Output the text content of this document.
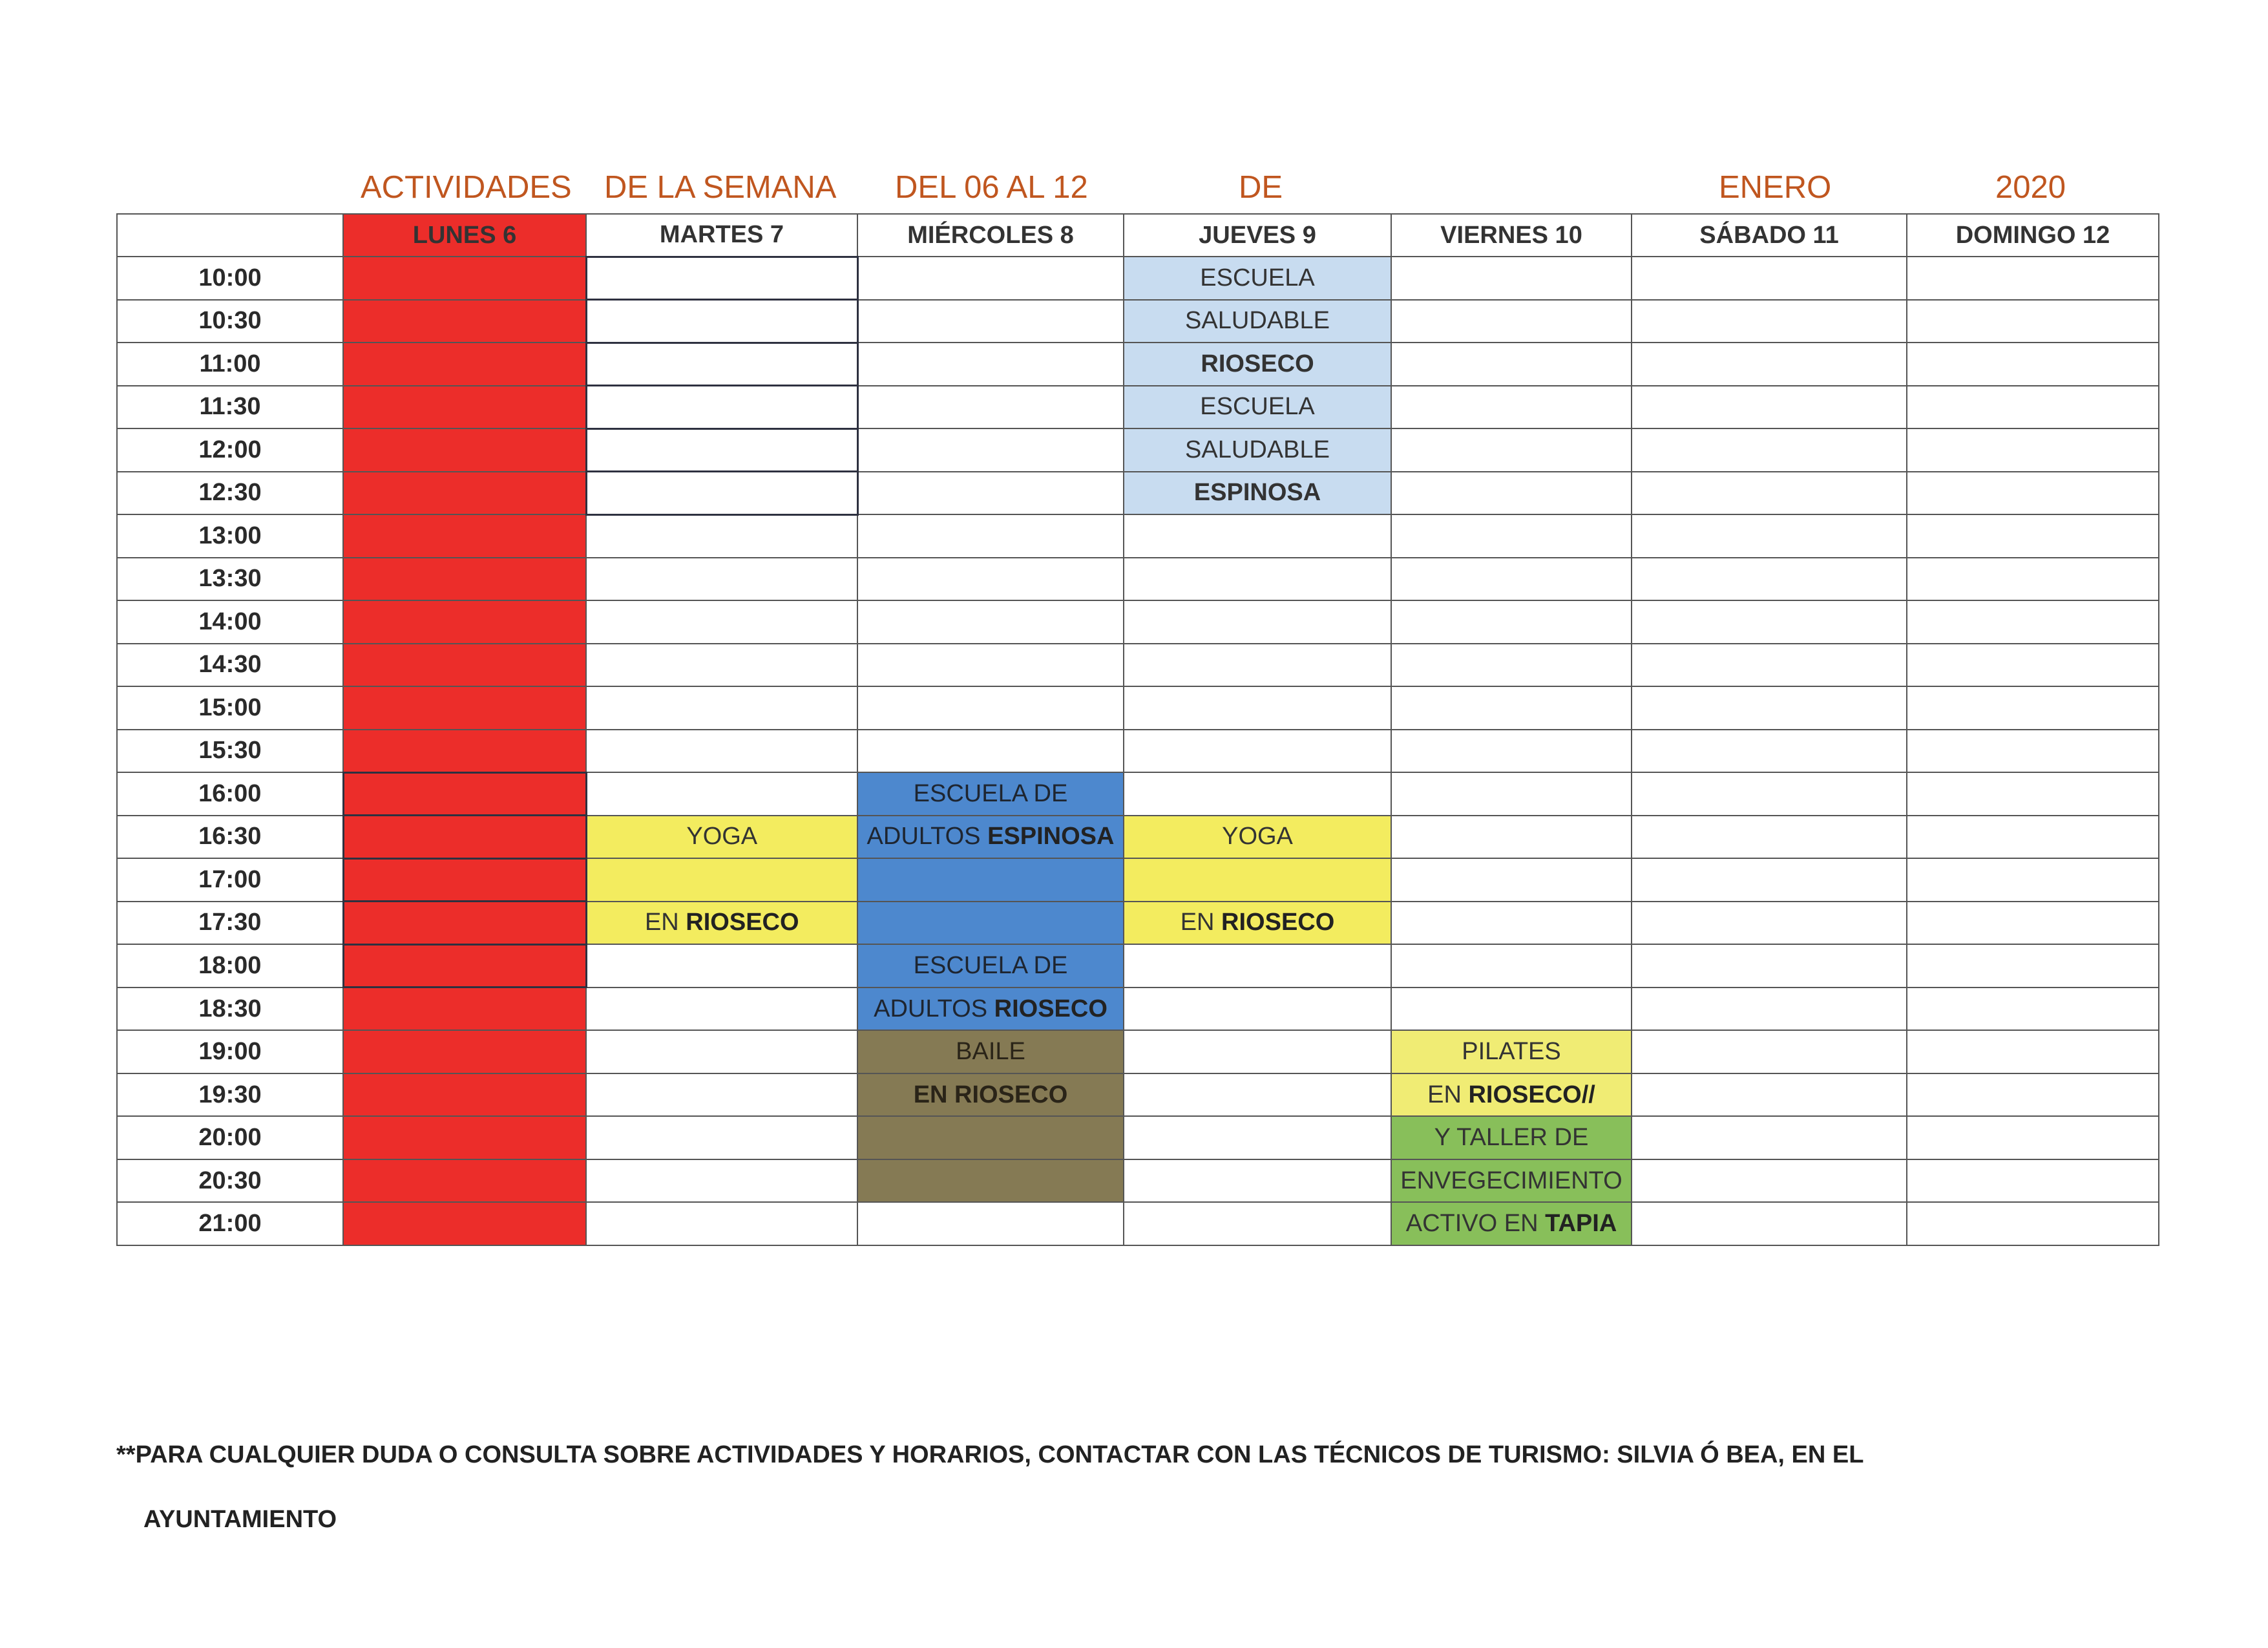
ACTIVIDADES DE LA SEMANA DEL 06 AL 12	DE	ENERO	2020
	LUNES 6	MARTES 7	MIÉRCOLES 8	JUEVES 9	VIERNES 10	SÁBADO 11	DOMINGO 12
10:00				ESCUELA			
10:30				SALUDABLE			
11:00				RIOSECO			
11:30				ESCUELA			
12:00				SALUDABLE			
12:30				ESPINOSA			
13:00							
13:30							
14:00							
14:30							
15:00							
15:30							
16:00			ESCUELA DE				
16:30		YOGA	ADULTOS ESPINOSA	YOGA			
17:00							
17:30		EN RIOSECO		EN RIOSECO			
18:00			ESCUELA DE				
18:30			ADULTOS RIOSECO				
19:00			BAILE		PILATES		
19:30			EN RIOSECO		EN RIOSECO//		
20:00					Y TALLER DE		
20:30					ENVEGECIMIENTO		
21:00					ACTIVO EN TAPIA		
**PARA CUALQUIER DUDA O CONSULTA SOBRE ACTIVIDADES Y HORARIOS, CONTACTAR CON LAS TÉCNICOS DE TURISMO: SILVIA Ó BEA, EN EL
AYUNTAMIENTO
